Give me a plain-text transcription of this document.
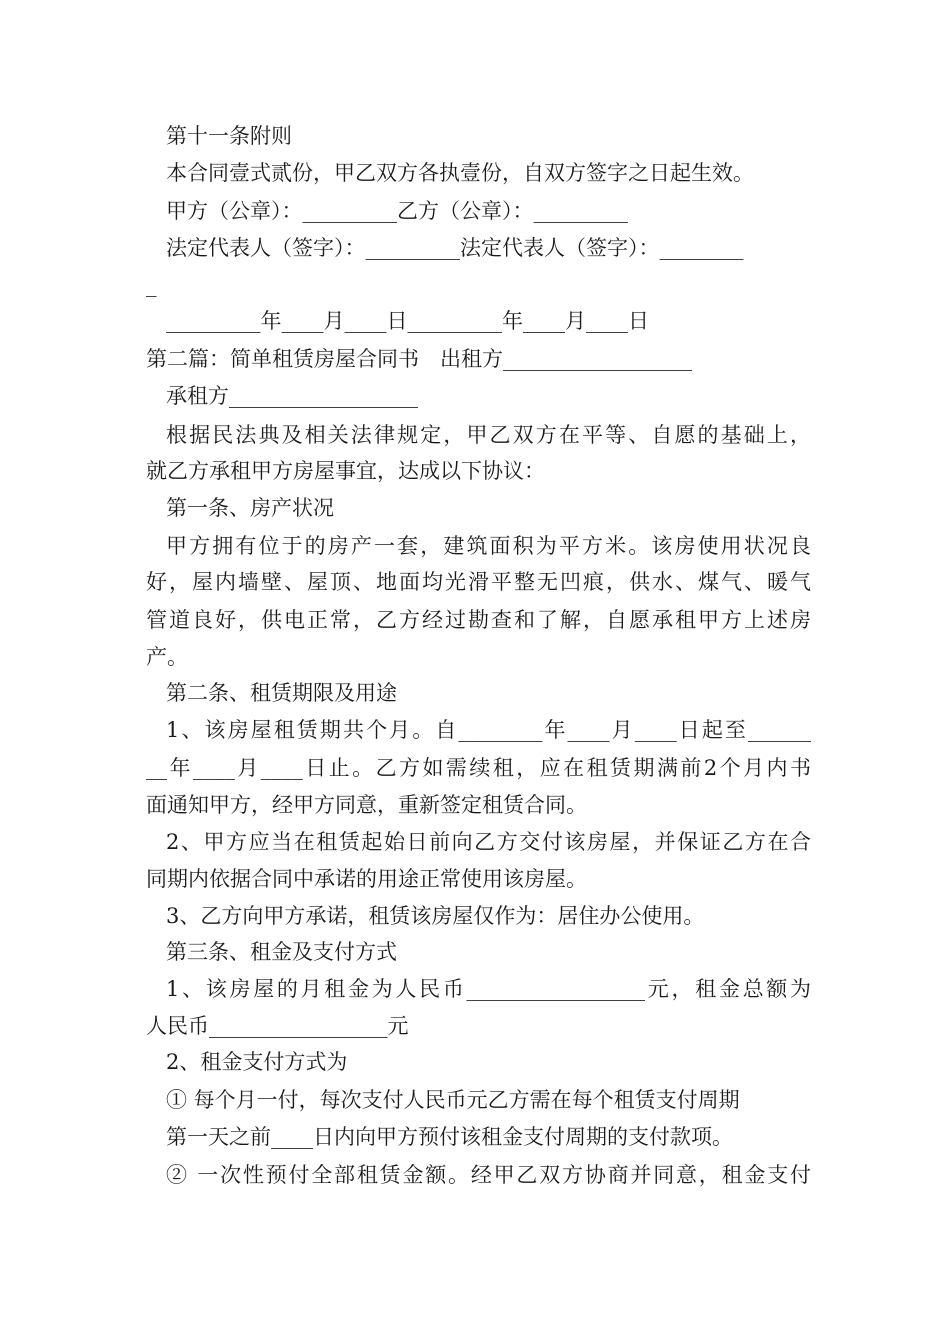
第十一条附则
本合同壹式贰份，甲乙双方各执壹份，自双方签字之日起生效。
甲方（公章）：_________乙方（公章）：_________
法定代表人（签字）：_________法定代表人（签字）：________
_
_________年____月____日_________年____月____日
第二篇：简单租赁房屋合同书　出租方__________________
承租方__________________
根据民法典及相关法律规定，甲乙双方在平等、自愿的基础上，
就乙方承租甲方房屋事宜，达成以下协议：
第一条、房产状况
甲方拥有位于的房产一套，建筑面积为平方米。该房使用状况良
好，屋内墙壁、屋顶、地面均光滑平整无凹痕，供水、煤气、暖气
管道良好，供电正常，乙方经过勘查和了解，自愿承租甲方上述房
产。
第二条、租赁期限及用途
1、该房屋租赁期共个月。自________年____月____日起至______
__年____月____日止。乙方如需续租，应在租赁期满前2个月内书
面通知甲方，经甲方同意，重新签定租赁合同。
2、甲方应当在租赁起始日前向乙方交付该房屋，并保证乙方在合
同期内依据合同中承诺的用途正常使用该房屋。
3、乙方向甲方承诺，租赁该房屋仅作为：居住办公使用。
第三条、租金及支付方式
1、该房屋的月租金为人民币_________________元，租金总额为
人民币_________________元
2、租金支付方式为
① 每个月一付，每次支付人民币元乙方需在每个租赁支付周期
第一天之前____日内向甲方预付该租金支付周期的支付款项。
② 一次性预付全部租赁金额。经甲乙双方协商并同意，租金支付
